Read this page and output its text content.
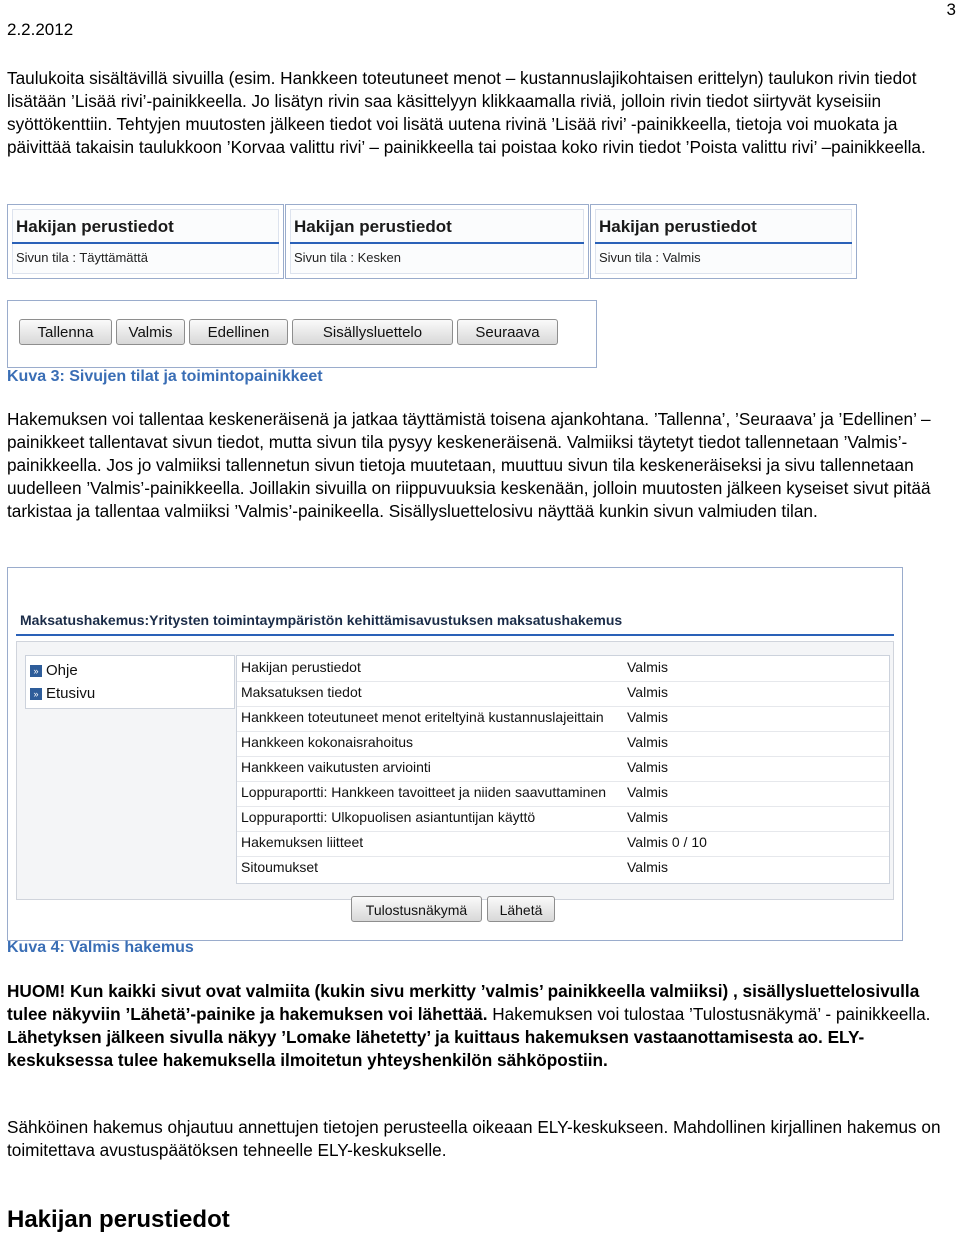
3
2.2.2012
Taulukoita sisältävillä sivuilla (esim. Hankkeen toteutuneet menot – kustannuslajikohtaisen erittelyn) taulukon rivin tiedot lisätään ’Lisää rivi’-painikkeella. Jo lisätyn rivin saa käsittelyyn klikkaamalla riviä, jolloin rivin tiedot siirtyvät kyseisiin syöttökenttiin. Tehtyjen muutosten jälkeen tiedot voi lisätä uutena rivinä ’Lisää rivi’ -painikkeella, tietoja voi muokata ja päivittää takaisin taulukkoon ’Korvaa valittu rivi’ – painikkeella tai poistaa koko rivin tiedot ’Poista valittu rivi’ –painikkeella.
Hakijan perustiedot
Sivun tila : Täyttämättä
Hakijan perustiedot
Sivun tila : Kesken
Hakijan perustiedot
Sivun tila : Valmis
Tallenna	Valmis	Edellinen	Sisällysluettelo	Seuraava
Kuva 3: Sivujen tilat ja toimintopainikkeet
Hakemuksen voi tallentaa keskeneräisenä ja jatkaa täyttämistä toisena ajankohtana. ’Tallenna’, ’Seuraava’ ja ’Edellinen’ – painikkeet tallentavat sivun tiedot, mutta sivun tila pysyy keskeneräisenä. Valmiiksi täytetyt tiedot tallennetaan ’Valmis’-painikkeella. Jos jo valmiiksi tallennetun sivun tietoja muutetaan, muuttuu sivun tila keskeneräiseksi ja sivu tallennetaan uudelleen ’Valmis’-painikkeella. Joillakin sivuilla on riippuvuuksia keskenään, jolloin muutosten jälkeen kyseiset sivut pitää tarkistaa ja tallentaa valmiiksi ’Valmis’-painikeella. Sisällysluettelosivu näyttää kunkin sivun valmiuden tilan.
Maksatushakemus:Yritysten toimintaympäristön kehittämisavustuksen maksatushakemus
» Ohje
» Etusivu
Hakijan perustiedot	Valmis
Maksatuksen tiedot	Valmis
Hankkeen toteutuneet menot eriteltyinä kustannuslajeittain Valmis
Hankkeen kokonaisrahoitus	Valmis
Hankkeen vaikutusten arviointi	Valmis
Loppuraportti: Hankkeen tavoitteet ja niiden saavuttaminen Valmis
Loppuraportti: Ulkopuolisen asiantuntijan käyttö	Valmis
Hakemuksen liitteet	Valmis 0 / 10
Sitoumukset	Valmis
Tulostusnäkymä	Lähetä
Kuva 4: Valmis hakemus
HUOM! Kun kaikki sivut ovat valmiita (kukin sivu merkitty ’valmis’ painikkeella valmiiksi) , sisällysluettelosivulla tulee näkyviin ’Lähetä’-painike ja hakemuksen voi lähettää. Hakemuksen voi tulostaa ’Tulostusnäkymä’ - painikkeella. Lähetyksen jälkeen sivulla näkyy ’Lomake lähetetty’ ja kuittaus hakemuksen vastaanottamisesta ao. ELY-keskuksessa tulee hakemuksella ilmoitetun yhteyshenkilön sähköpostiin.
Sähköinen hakemus ohjautuu annettujen tietojen perusteella oikeaan ELY-keskukseen. Mahdollinen kirjallinen hakemus on toimitettava avustuspäätöksen tehneelle ELY-keskukselle.
Hakijan perustiedot
